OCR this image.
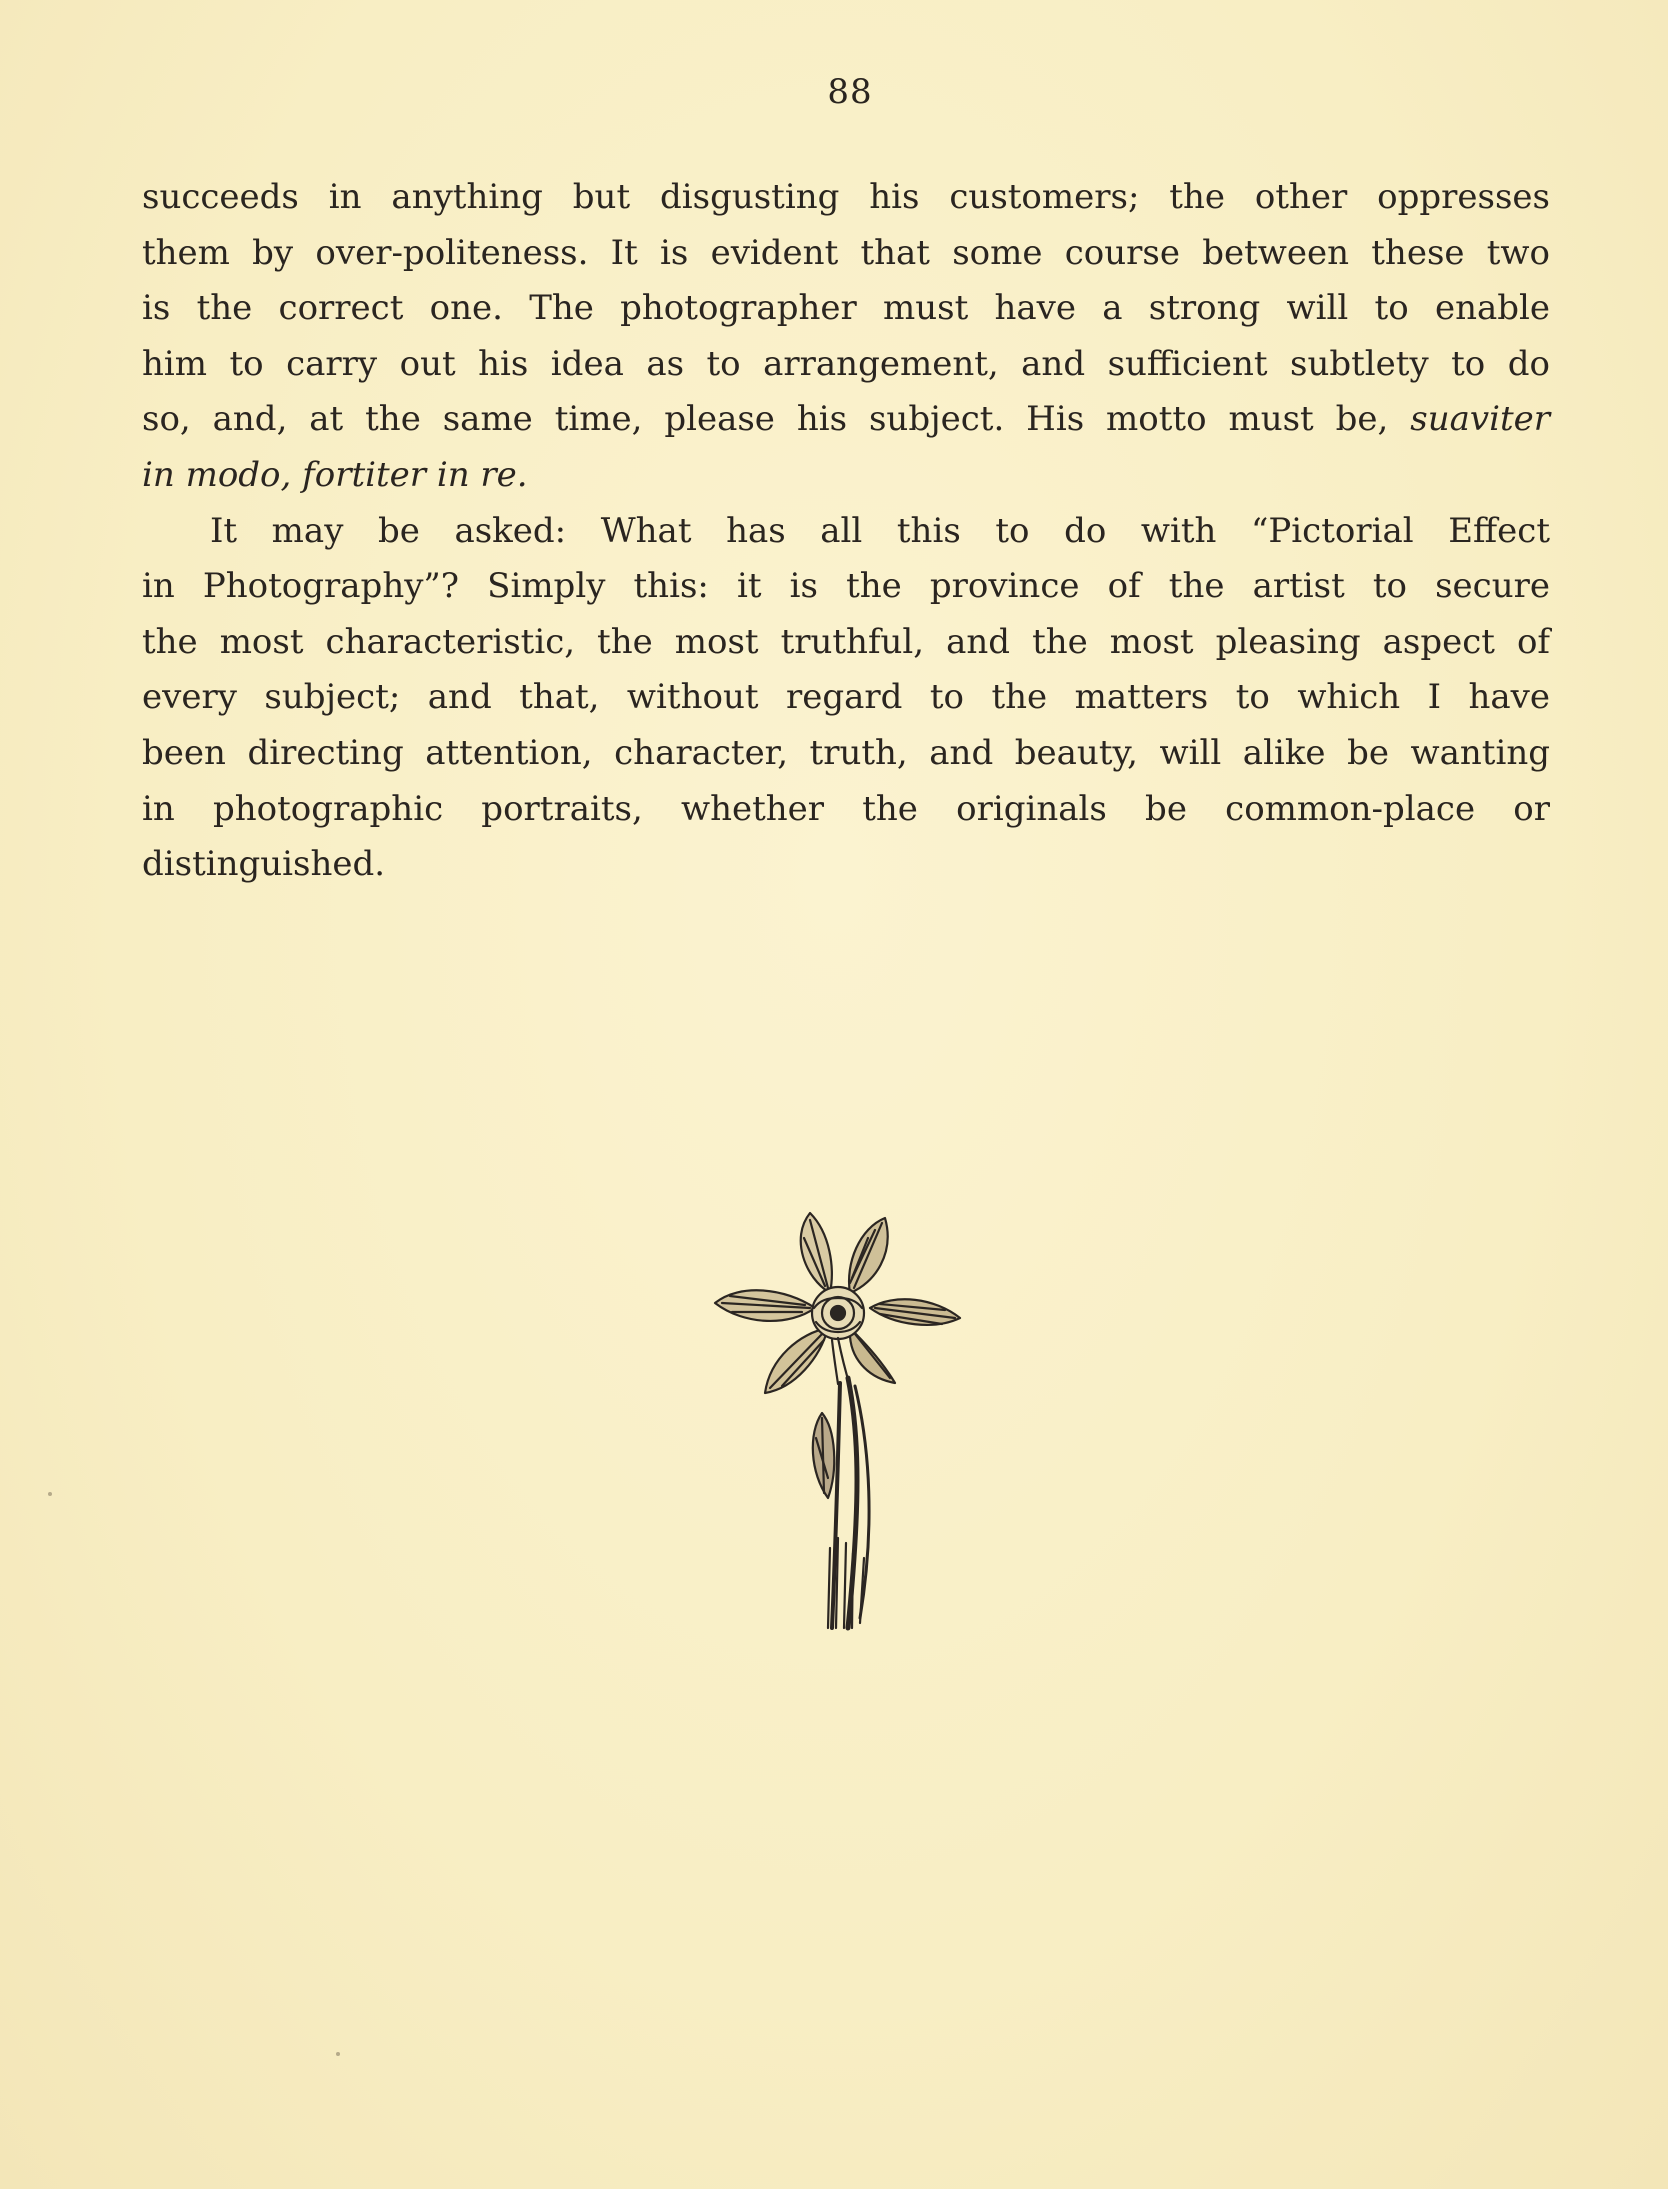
88
succeeds in anything but disgusting his customers; the other oppresses
them by over-politeness. It is evident that some course between these two
is the correct one. The photographer must have a strong will to enable
him to carry out his idea as to arrangement, and sufficient subtlety to do
so, and, at the same time, please his subject. His motto must be, suaviter
in modo, fortiter in re.
It may be asked: What has all this to do with “Pictorial Effect
in Photography”? Simply this: it is the province of the artist to secure
the most characteristic, the most truthful, and the most pleasing aspect of
every subject; and that, without regard to the matters to which I have
been directing attention, character, truth, and beauty, will alike be wanting
in photographic portraits, whether the originals be common-place or
distinguished.
